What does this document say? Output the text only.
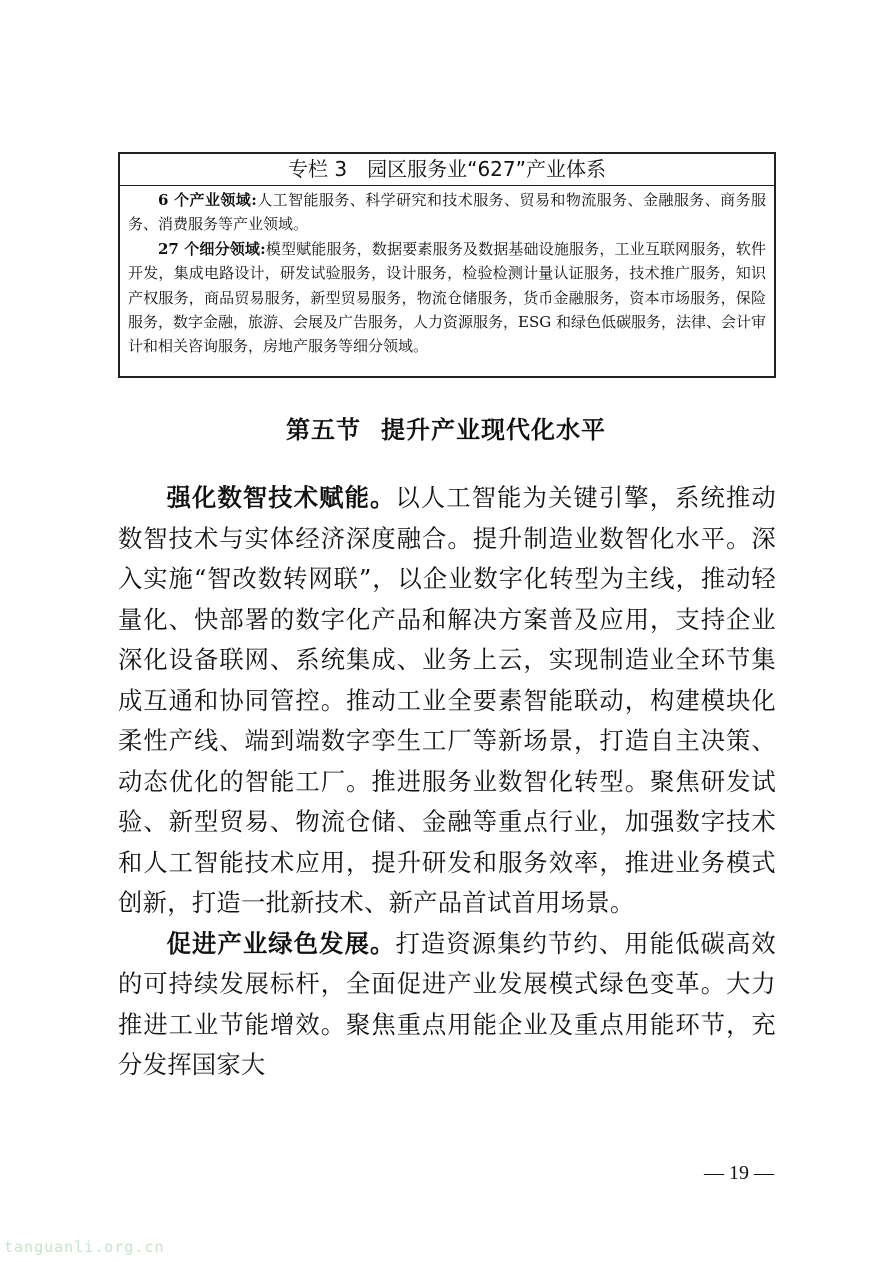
专栏 3　园区服务业“627”产业体系

6 个产业领域:人工智能服务、科学研究和技术服务、贸易和物流服务、金融服务、商务服务、消费服务等产业领域。

27 个细分领域:模型赋能服务，数据要素服务及数据基础设施服务，工业互联网服务，软件开发，集成电路设计，研发试验服务，设计服务，检验检测计量认证服务，技术推广服务，知识产权服务，商品贸易服务，新型贸易服务，物流仓储服务，货币金融服务，资本市场服务，保险服务，数字金融，旅游、会展及广告服务，人力资源服务，ESG 和绿色低碳服务，法律、会计审计和相关咨询服务，房地产服务等细分领域。

第五节 提升产业现代化水平

强化数智技术赋能。以人工智能为关键引擎，系统推动数智技术与实体经济深度融合。提升制造业数智化水平。深入实施“智改数转网联”，以企业数字化转型为主线，推动轻量化、快部署的数字化产品和解决方案普及应用，支持企业深化设备联网、系统集成、业务上云，实现制造业全环节集成互通和协同管控。推动工业全要素智能联动，构建模块化柔性产线、端到端数字孪生工厂等新场景，打造自主决策、动态优化的智能工厂。推进服务业数智化转型。聚焦研发试验、新型贸易、物流仓储、金融等重点行业，加强数字技术和人工智能技术应用，提升研发和服务效率，推进业务模式创新，打造一批新技术、新产品首试首用场景。

促进产业绿色发展。打造资源集约节约、用能低碳高效的可持续发展标杆，全面促进产业发展模式绿色变革。大力推进工业节能增效。聚焦重点用能企业及重点用能环节，充分发挥国家大

— 19 —
tanguanli.org.cn
